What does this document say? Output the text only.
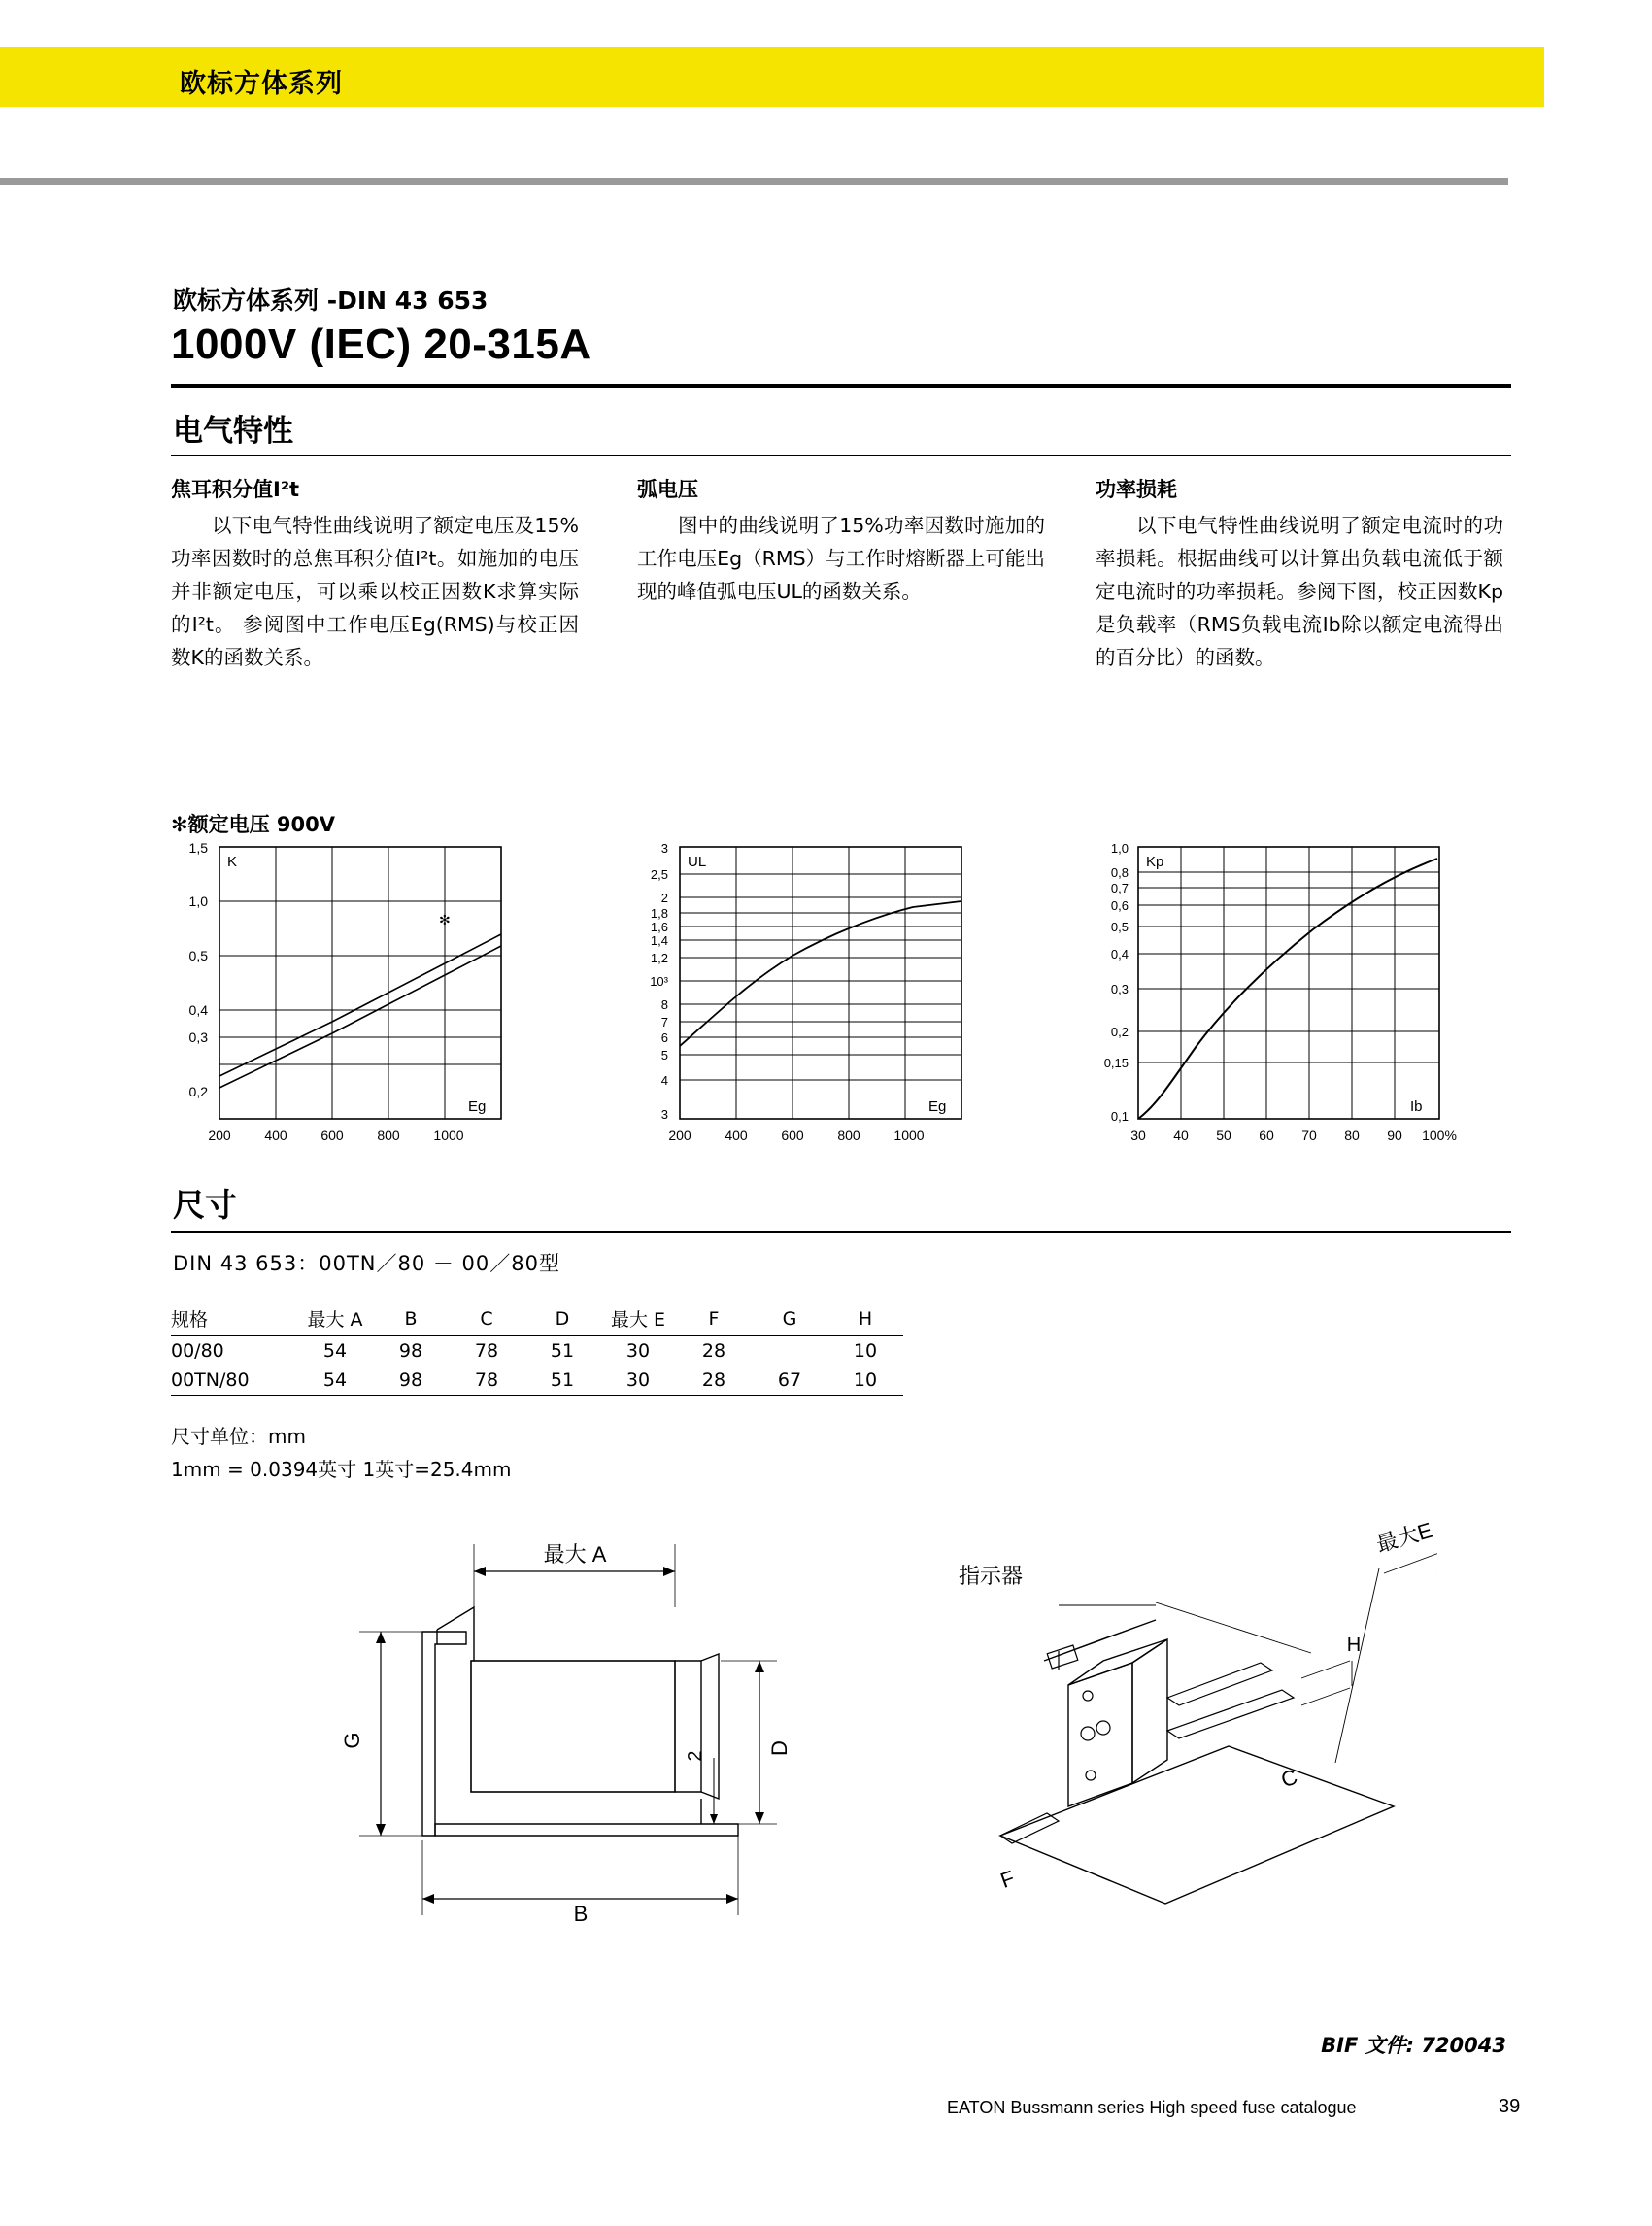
欧标方体系列
欧标方体系列 -DIN 43 653
1000V (IEC) 20-315A
电气特性
焦耳积分值I²t

以下电气特性曲线说明了额定电压及15%功率因数时的总焦耳积分值I²t。如施加的电压并非额定电压，可以乘以校正因数K求算实际的I²t。 参阅图中工作电压Eg(RMS)与校正因数K的函数关系。

弧电压

图中的曲线说明了15%功率因数时施加的工作电压Eg（RMS）与工作时熔断器上可能出现的峰值弧电压UL的函数关系。

功率损耗

以下电气特性曲线说明了额定电流时的功率损耗。根据曲线可以计算出负载电流低于额定电流时的功率损耗。参阅下图，校正因数Kp是负载率（RMS负载电流Ib除以额定电流得出的百分比）的函数。

✻额定电压 900V
✻
1,5
1,0
0,5
0,4
0,3
0,2
K
Eg
200 400 600 800 1000
3
2,5
2
1,8
1,6
1,4
1,2
10³
8
7
6
5
4
3
UL
Eg
200 400 600 800 1000
1,0
0,8
0,7
0,6
0,5
0,4
0,3
0,2
0,15
0,1
Kp
Ib
30 40 50 60 70 80 90 100%
尺寸
DIN 43 653：00TN／80 － 00／80型
规格	最大 A	B	C	D	最大 E	F	G	H
00/80	54	98	78	51	30	28		10
00TN/80	54	98	78	51	30	28	67	10
尺寸单位：mm
1mm = 0.0394英寸 1英寸=25.4mm
最大 A
B
G	D
2
指示器
最大E
C
F
H
BIF 文件: 720043
EATON Bussmann series High speed fuse catalogue	39
